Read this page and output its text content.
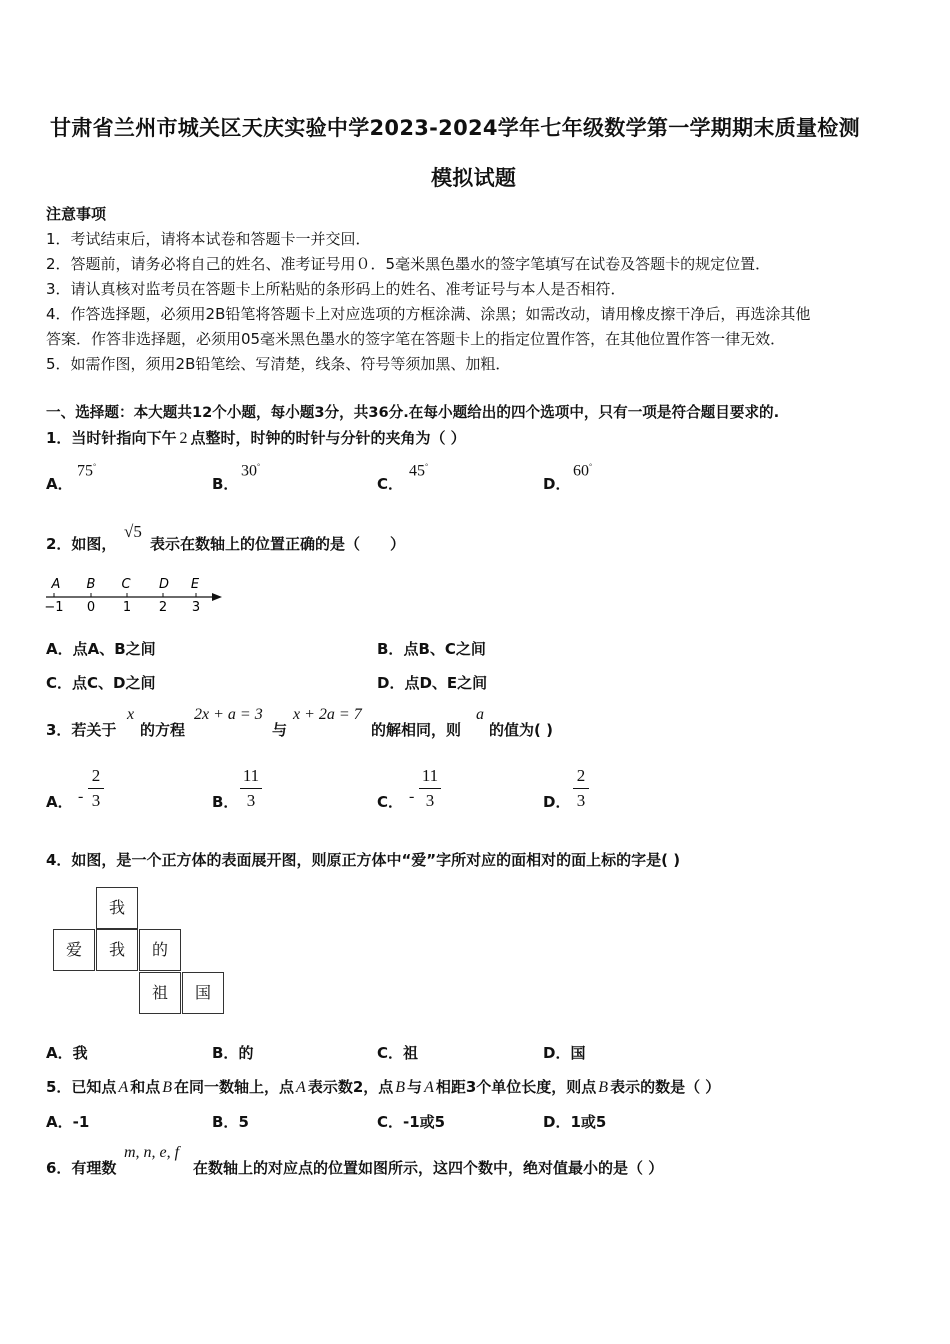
甘肃省兰州市城关区天庆实验中学2023-2024学年七年级数学第一学期期末质量检测
模拟试题
注意事项
1．考试结束后，请将本试卷和答题卡一并交回．
2．答题前，请务必将自己的姓名、准考证号用０．5毫米黑色墨水的签字笔填写在试卷及答题卡的规定位置．
3．请认真核对监考员在答题卡上所粘贴的条形码上的姓名、准考证号与本人是否相符．
4．作答选择题，必须用2B铅笔将答题卡上对应选项的方框涂满、涂黑；如需改动，请用橡皮擦干净后，再选涂其他
答案．作答非选择题，必须用05毫米黑色墨水的签字笔在答题卡上的指定位置作答，在其他位置作答一律无效．
5．如需作图，须用2B铅笔绘、写清楚，线条、符号等须加黑、加粗．
一、选择题：本大题共12个小题，每小题3分，共36分.在每小题给出的四个选项中，只有一项是符合题目要求的.
1．当时针指向下午 2 点整时，时钟的时针与分针的夹角为（ ）
A．
75°
B．
30°
C．
45°
D．
60°
2．如图，
√5
表示在数轴上的位置正确的是（　　）
A B C D E
−1 0 1 2 3
A．点A、B之间	B．点B、C之间
C．点C、D之间	D．点D、E之间
3．若关于
x
的方程
2x + a = 3
与
x + 2a = 7
的解相同，则
a
的值为( )
A． -
2
3	B．
11
3	C． -
11
3	D．
2
3
4．如图，是一个正方体的表面展开图，则原正方体中“爱”字所对应的面相对的面上标的字是( )
我
爱	我	的
祖	国
A．我	B．的	C．祖	D．国
5．已知点 A 和点 B 在同一数轴上，点 A 表示数2，点 B 与 A 相距3个单位长度，则点 B 表示的数是（ ）
A．-1	B．5	C．-1或5	D．1或5
6．有理数
m, n, e, f
在数轴上的对应点的位置如图所示，这四个数中，绝对值最小的是（ ）
